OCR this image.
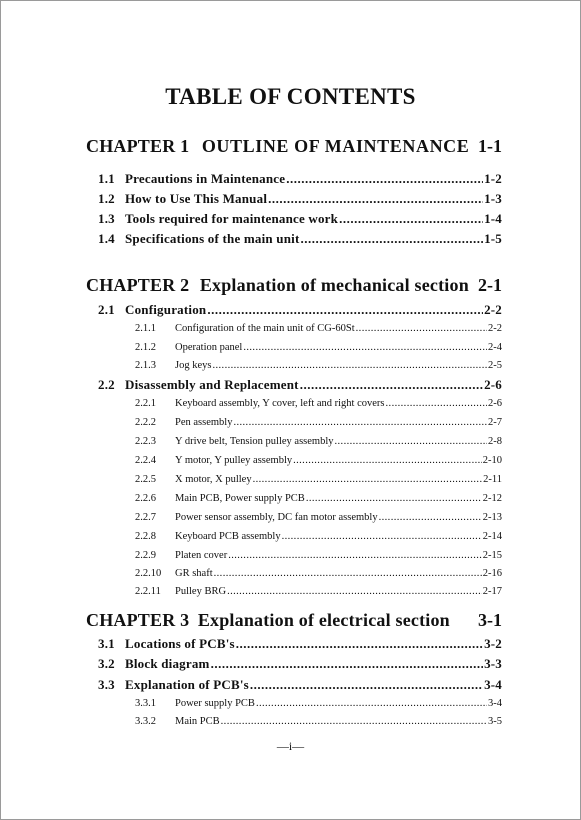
TABLE OF CONTENTS
CHAPTER 1 OUTLINE OF MAINTENANCE 1-1
1.1 Precautions in Maintenance .....	1-2
1.2 How to Use This Manual .....	1-3
1.3 Tools required for maintenance work .....	1-4
1.4 Specifications of the main unit .....	1-5
CHAPTER 2 Explanation of mechanical section 2-1
2.1 Configuration .....	2-2
2.1.1	Configuration of the main unit of CG-60St .....	2-2
2.1.2	Operation panel .....	2-4
2.1.3	Jog keys .....	2-5
2.2 Disassembly and Replacement .....	2-6
2.2.1	Keyboard assembly, Y cover, left and right covers .....	2-6
2.2.2	Pen assembly .....	2-7
2.2.3	Y drive belt, Tension pulley assembly .....	2-8
2.2.4	Y motor, Y pulley assembly .....	2-10
2.2.5	X motor, X pulley .....	2-11
2.2.6	Main PCB, Power supply PCB .....	2-12
2.2.7	Power sensor assembly, DC fan motor assembly .....	2-13
2.2.8	Keyboard PCB assembly .....	2-14
2.2.9	Platen cover .....	2-15
2.2.10	GR shaft .....	2-16
2.2.11	Pulley BRG .....	2-17
CHAPTER 3 Explanation of electrical section 3-1
3.1 Locations of PCB's .....	3-2
3.2 Block diagram .....	3-3
3.3 Explanation of PCB's .....	3-4
3.3.1	Power supply PCB .....	3-4
3.3.2	Main PCB .....	3-5
—i—
